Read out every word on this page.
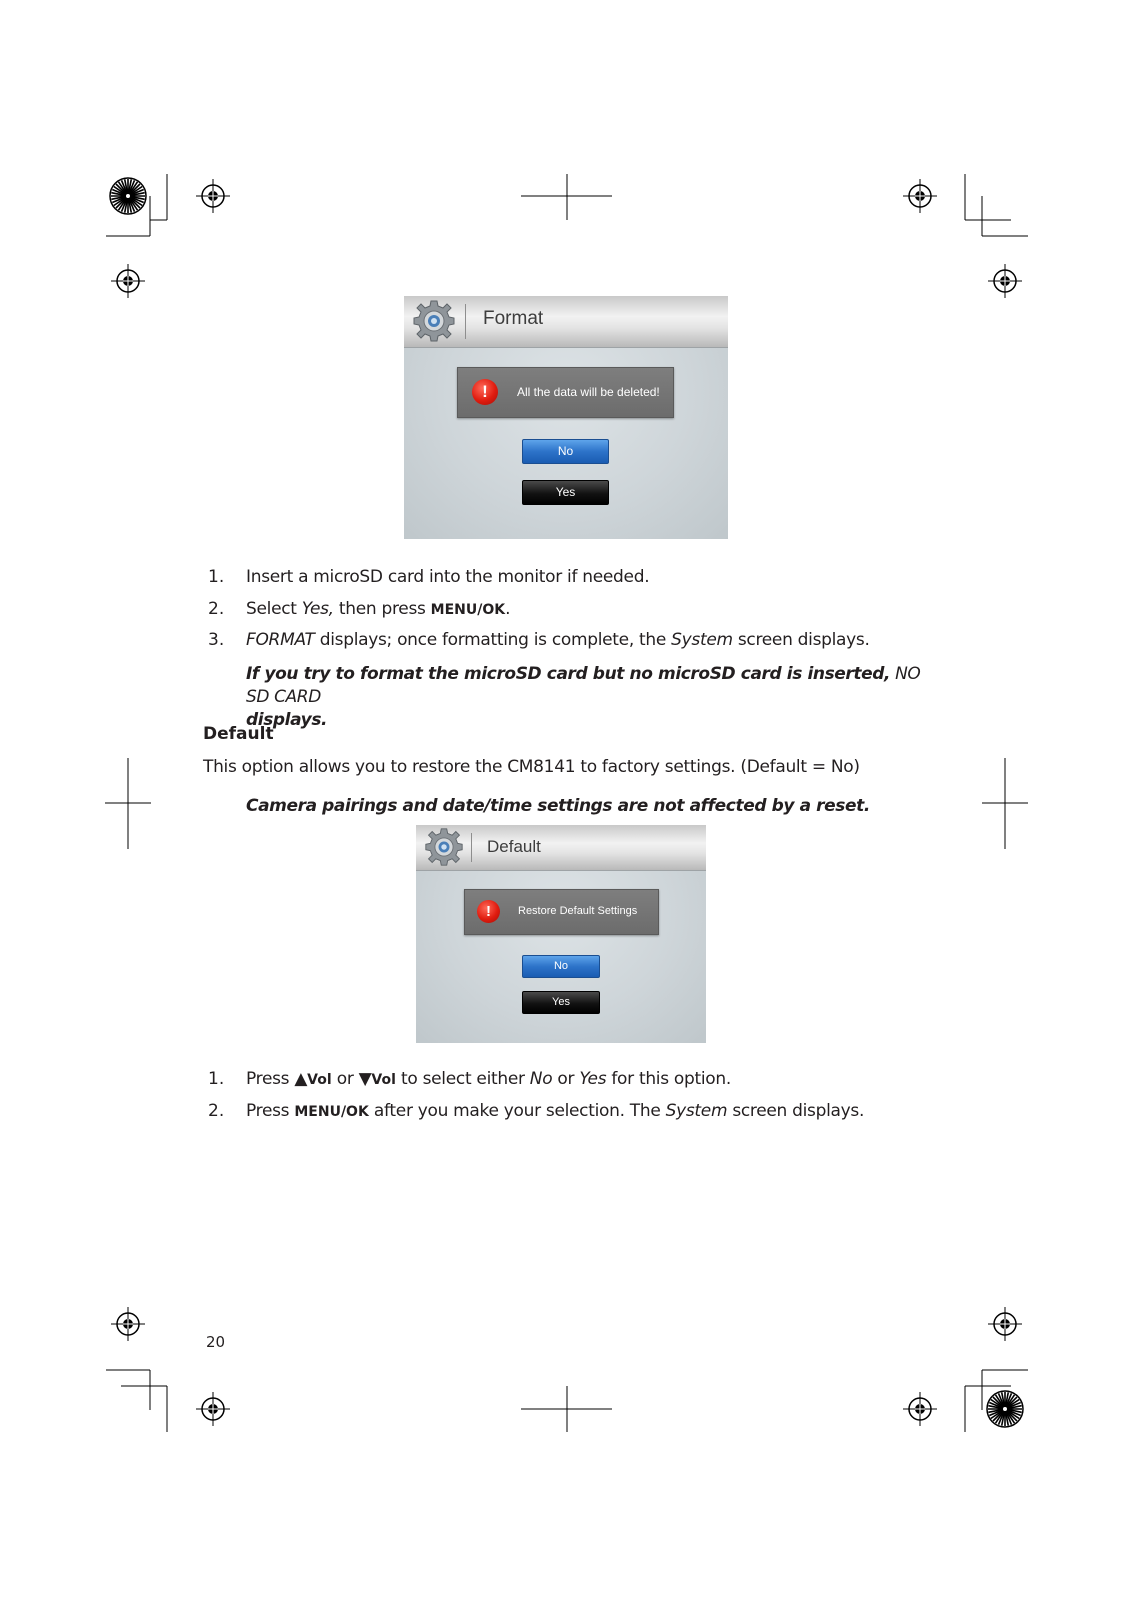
Format
!	All the data will be deleted!
No
Yes
1. Insert a microSD card into the monitor if needed.
2. Select Yes, then press MENU/OK.
3. FORMAT displays; once formatting is complete, the System screen displays.
If you try to format the microSD card but no microSD card is inserted, NO SD CARD
displays.
Default
This option allows you to restore the CM8141 to factory settings. (Default = No)
Camera pairings and date/time settings are not affected by a reset.
Default
!	Restore Default Settings
No
Yes
1. Press ▲Vol or ▼Vol to select either No or Yes for this option.
2. Press MENU/OK after you make your selection. The System screen displays.
20
